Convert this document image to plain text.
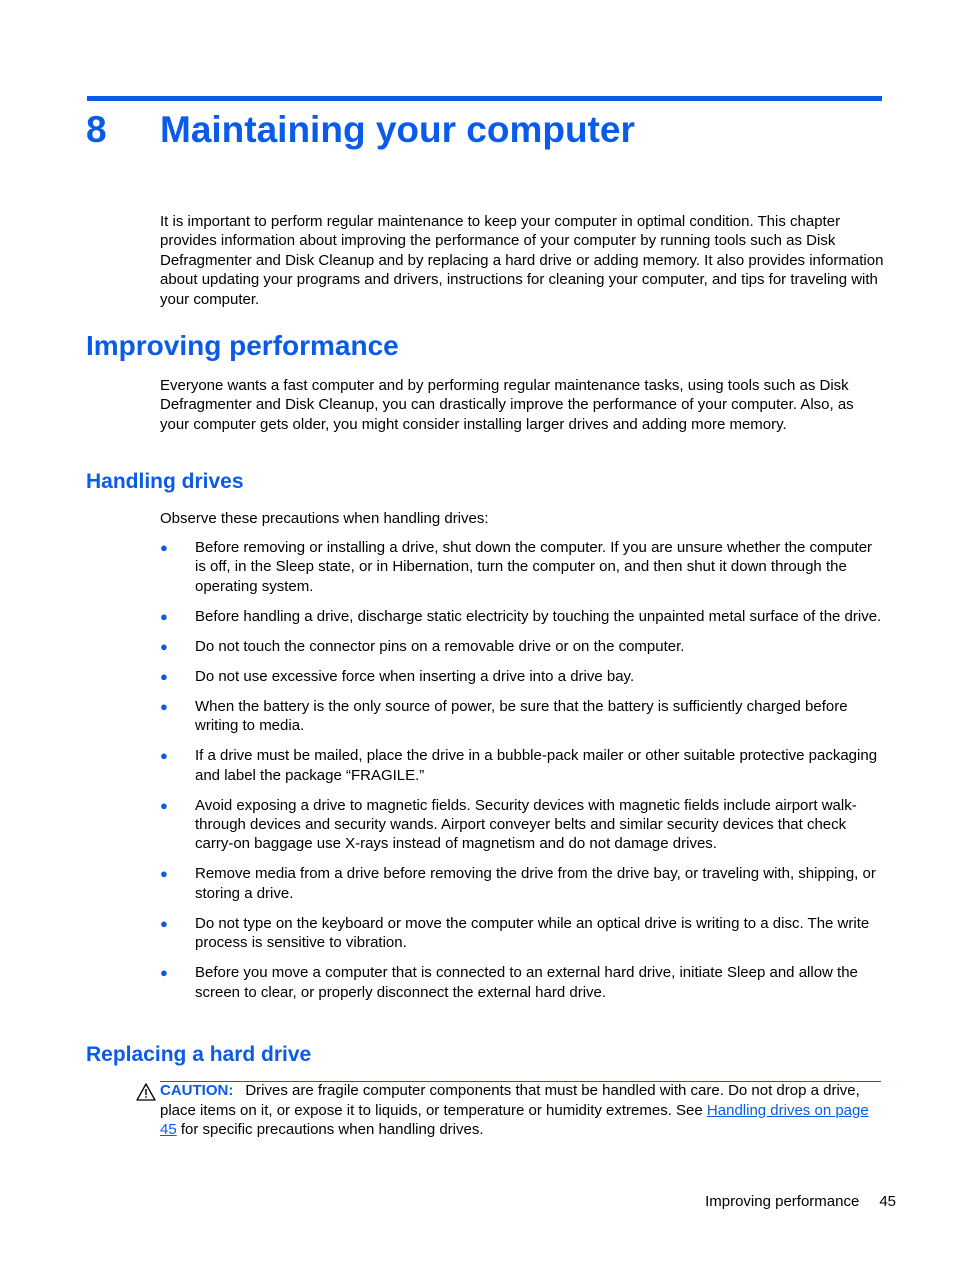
8 Maintaining your computer

It is important to perform regular maintenance to keep your computer in optimal condition. This chapter provides information about improving the performance of your computer by running tools such as Disk Defragmenter and Disk Cleanup and by replacing a hard drive or adding memory. It also provides information about updating your programs and drivers, instructions for cleaning your computer, and tips for traveling with your computer.

Improving performance

Everyone wants a fast computer and by performing regular maintenance tasks, using tools such as Disk Defragmenter and Disk Cleanup, you can drastically improve the performance of your computer. Also, as your computer gets older, you might consider installing larger drives and adding more memory.

Handling drives

Observe these precautions when handling drives:

● Before removing or installing a drive, shut down the computer. If you are unsure whether the computer is off, in the Sleep state, or in Hibernation, turn the computer on, and then shut it down through the operating system.
● Before handling a drive, discharge static electricity by touching the unpainted metal surface of the drive.
● Do not touch the connector pins on a removable drive or on the computer.
● Do not use excessive force when inserting a drive into a drive bay.
● When the battery is the only source of power, be sure that the battery is sufficiently charged before writing to media.
● If a drive must be mailed, place the drive in a bubble-pack mailer or other suitable protective packaging and label the package “FRAGILE.”
● Avoid exposing a drive to magnetic fields. Security devices with magnetic fields include airport walk-through devices and security wands. Airport conveyer belts and similar security devices that check carry-on baggage use X-rays instead of magnetism and do not damage drives.
● Remove media from a drive before removing the drive from the drive bay, or traveling with, shipping, or storing a drive.
● Do not type on the keyboard or move the computer while an optical drive is writing to a disc. The write process is sensitive to vibration.
● Before you move a computer that is connected to an external hard drive, initiate Sleep and allow the screen to clear, or properly disconnect the external hard drive.
Replacing a hard drive

CAUTION: Drives are fragile computer components that must be handled with care. Do not drop a drive, place items on it, or expose it to liquids, or temperature or humidity extremes. See Handling drives on page 45 for specific precautions when handling drives.

Improving performance 45
